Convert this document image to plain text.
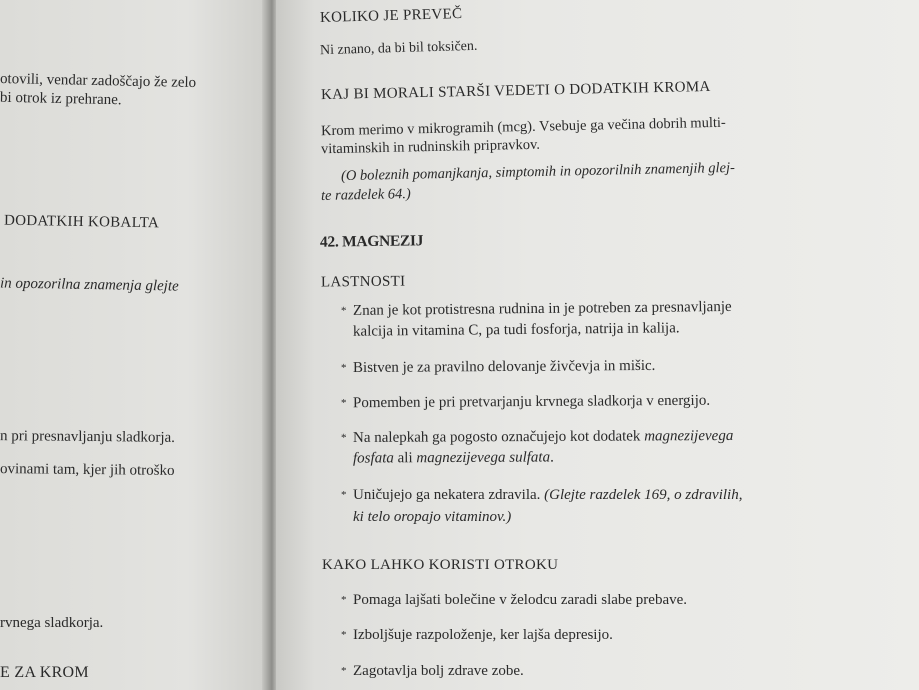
otovili, vendar zadoščajo že zelo
bi otrok iz prehrane.
DODATKIH KOBALTA
in opozorilna znamenja glejte
n pri presnavljanju sladkorja.
ovinami tam, kjer jih otroško
rvnega sladkorja.
E ZA KROM
KOLIKO JE PREVEČ
Ni znano, da bi bil toksičen.
KAJ BI MORALI STARŠI VEDETI O DODATKIH KROMA
Krom merimo v mikrogramih (mcg). Vsebuje ga večina dobrih multi-
vitaminskih in rudninskih pripravkov.
(O boleznih pomanjkanja, simptomih in opozorilnih znamenjih glej-
te razdelek 64.)
42. MAGNEZIJ
LASTNOSTI
* Znan je kot protistresna rudnina in je potreben za presnavljanje
kalcija in vitamina C, pa tudi fosforja, natrija in kalija.
* Bistven je za pravilno delovanje živčevja in mišic.
* Pomemben je pri pretvarjanju krvnega sladkorja v energijo.
* Na nalepkah ga pogosto označujejo kot dodatek magnezijevega
fosfata ali magnezijevega sulfata.
* Uničujejo ga nekatera zdravila. (Glejte razdelek 169, o zdravilih,
ki telo oropajo vitaminov.)
KAKO LAHKO KORISTI OTROKU
* Pomaga lajšati bolečine v želodcu zaradi slabe prebave.
* Izboljšuje razpoloženje, ker lajša depresijo.
* Zagotavlja bolj zdrave zobe.
